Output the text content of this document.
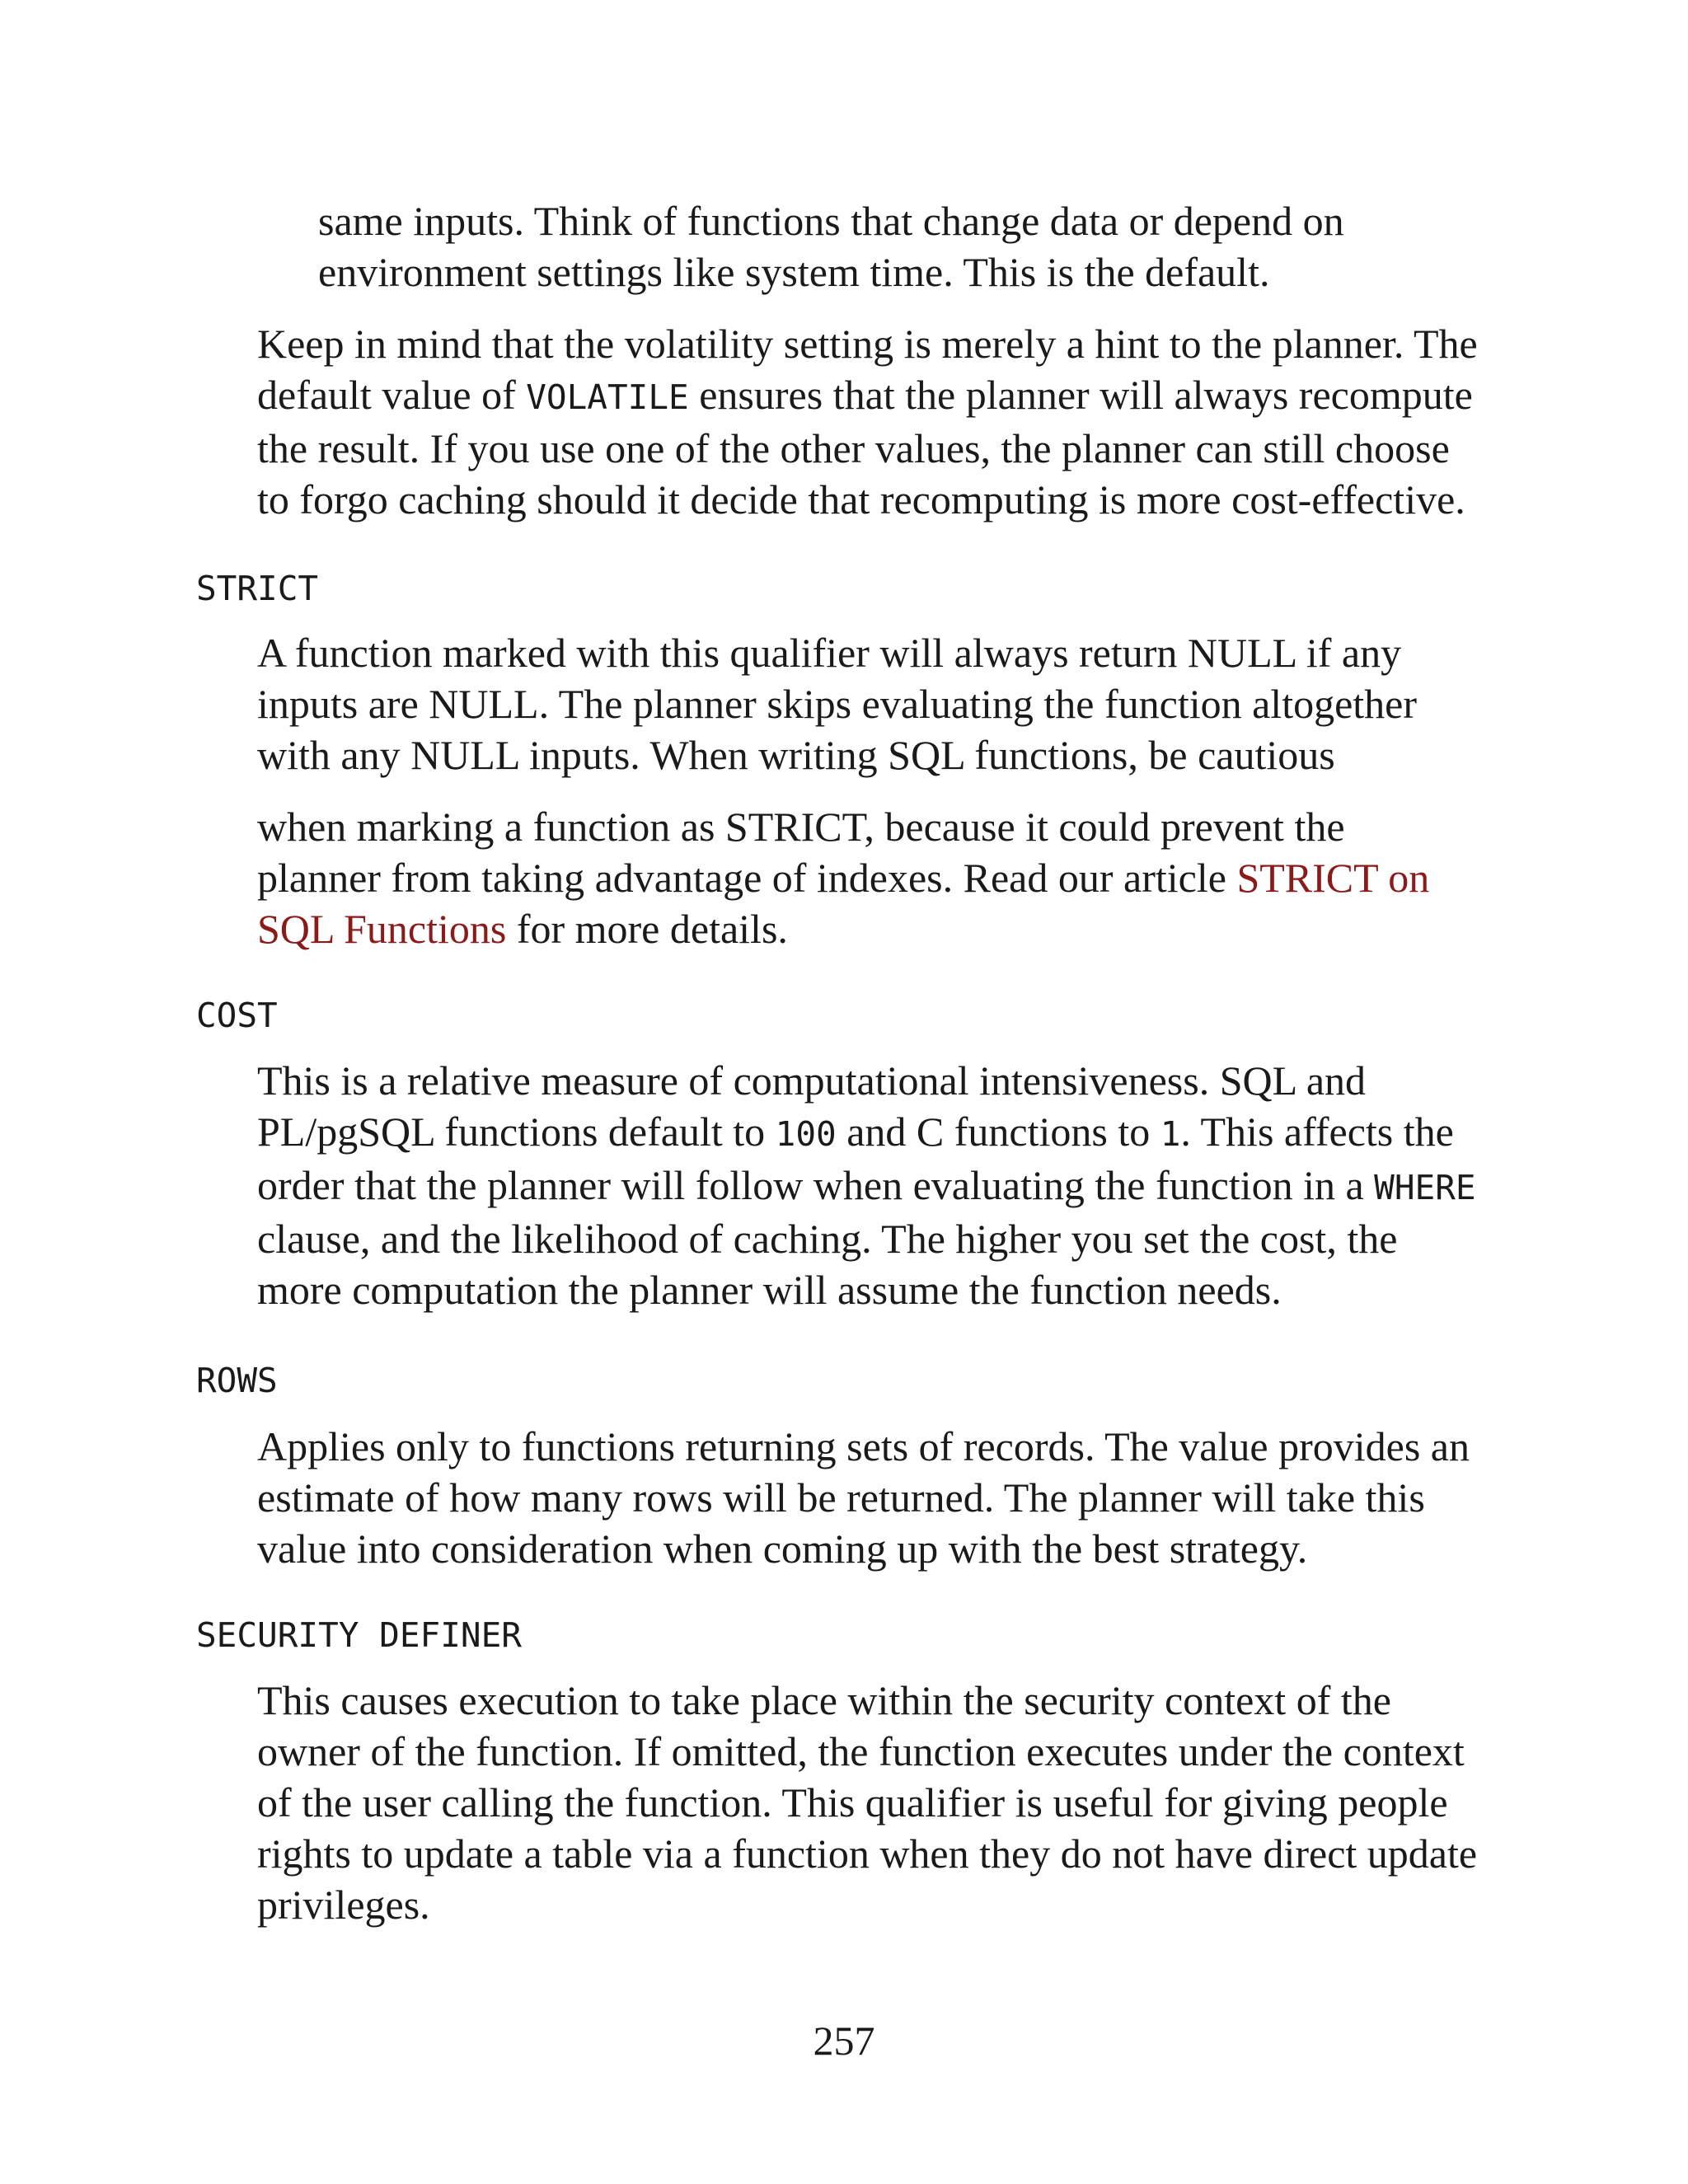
same inputs. Think of functions that change data or depend on
environment settings like system time. This is the default.
Keep in mind that the volatility setting is merely a hint to the planner. The
default value of VOLATILE ensures that the planner will always recompute
the result. If you use one of the other values, the planner can still choose
to forgo caching should it decide that recomputing is more cost-effective.
STRICT
A function marked with this qualifier will always return NULL if any
inputs are NULL. The planner skips evaluating the function altogether
with any NULL inputs. When writing SQL functions, be cautious
when marking a function as STRICT, because it could prevent the
planner from taking advantage of indexes. Read our article STRICT on
SQL Functions for more details.
COST
This is a relative measure of computational intensiveness. SQL and
PL/pgSQL functions default to 100 and C functions to 1. This affects the
order that the planner will follow when evaluating the function in a WHERE
clause, and the likelihood of caching. The higher you set the cost, the
more computation the planner will assume the function needs.
ROWS
Applies only to functions returning sets of records. The value provides an
estimate of how many rows will be returned. The planner will take this
value into consideration when coming up with the best strategy.
SECURITY DEFINER
This causes execution to take place within the security context of the
owner of the function. If omitted, the function executes under the context
of the user calling the function. This qualifier is useful for giving people
rights to update a table via a function when they do not have direct update
privileges.
257
